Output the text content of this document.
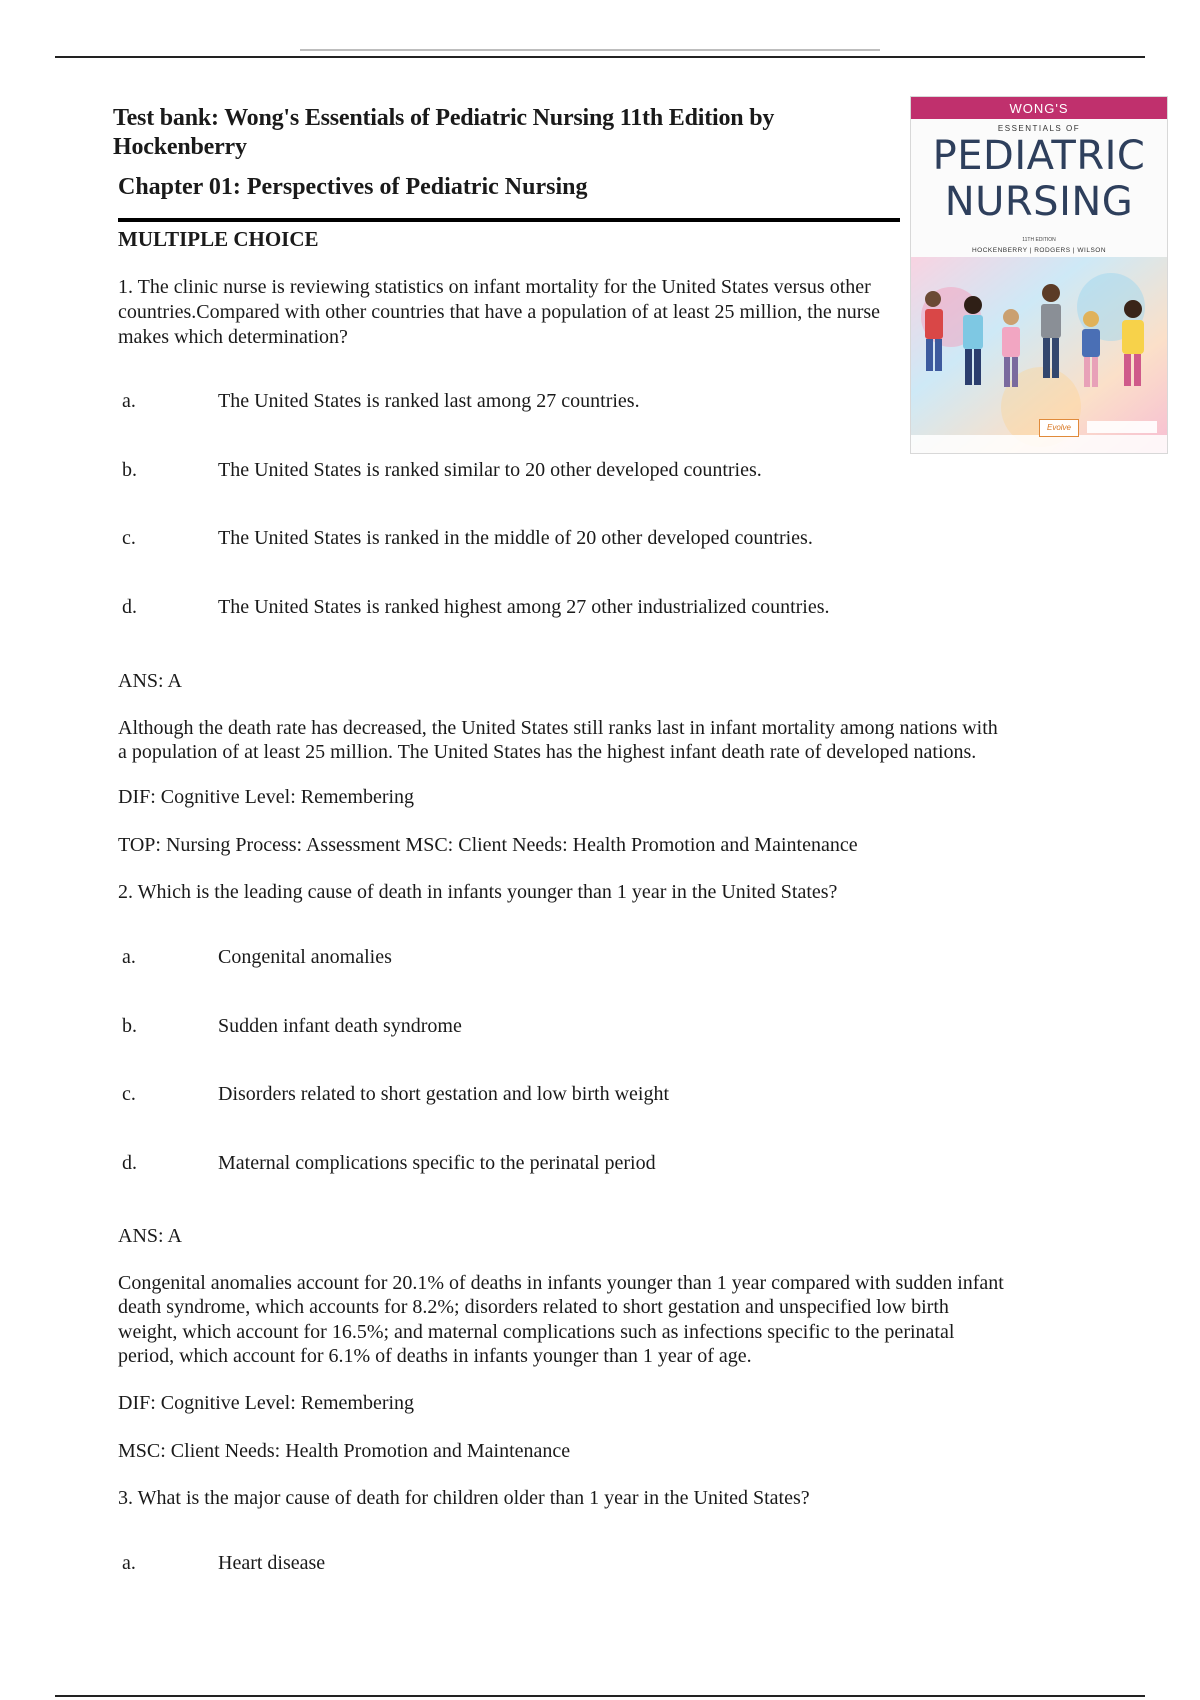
Test bank: Wong's Essentials of Pediatric Nursing 11th Edition by Hockenberry
Chapter 01: Perspectives of Pediatric Nursing
MULTIPLE CHOICE
WONG'S
ESSENTIALS OF
PEDIATRIC
NURSING
11TH EDITION
HOCKENBERRY | RODGERS | WILSON
Evolve
1. The clinic nurse is reviewing statistics on infant mortality for the United States versus other countries.Compared with other countries that have a population of at least 25 million, the nurse makes which determination?
a.	The United States is ranked last among 27 countries.
b.	The United States is ranked similar to 20 other developed countries.
c.	The United States is ranked in the middle of 20 other developed countries.
d.	The United States is ranked highest among 27 other industrialized countries.
ANS: A
Although the death rate has decreased, the United States still ranks last in infant mortality among nations with
a population of at least 25 million. The United States has the highest infant death rate of developed nations.
DIF: Cognitive Level: Remembering
TOP: Nursing Process: Assessment MSC: Client Needs: Health Promotion and Maintenance
2. Which is the leading cause of death in infants younger than 1 year in the United States?
a.	Congenital anomalies
b.	Sudden infant death syndrome
c.	Disorders related to short gestation and low birth weight
d.	Maternal complications specific to the perinatal period
ANS: A
Congenital anomalies account for 20.1% of deaths in infants younger than 1 year compared with sudden infant
death syndrome, which accounts for 8.2%; disorders related to short gestation and unspecified low birth
weight, which account for 16.5%; and maternal complications such as infections specific to the perinatal
period, which account for 6.1% of deaths in infants younger than 1 year of age.
DIF: Cognitive Level: Remembering
MSC: Client Needs: Health Promotion and Maintenance
3. What is the major cause of death for children older than 1 year in the United States?
a.	Heart disease
